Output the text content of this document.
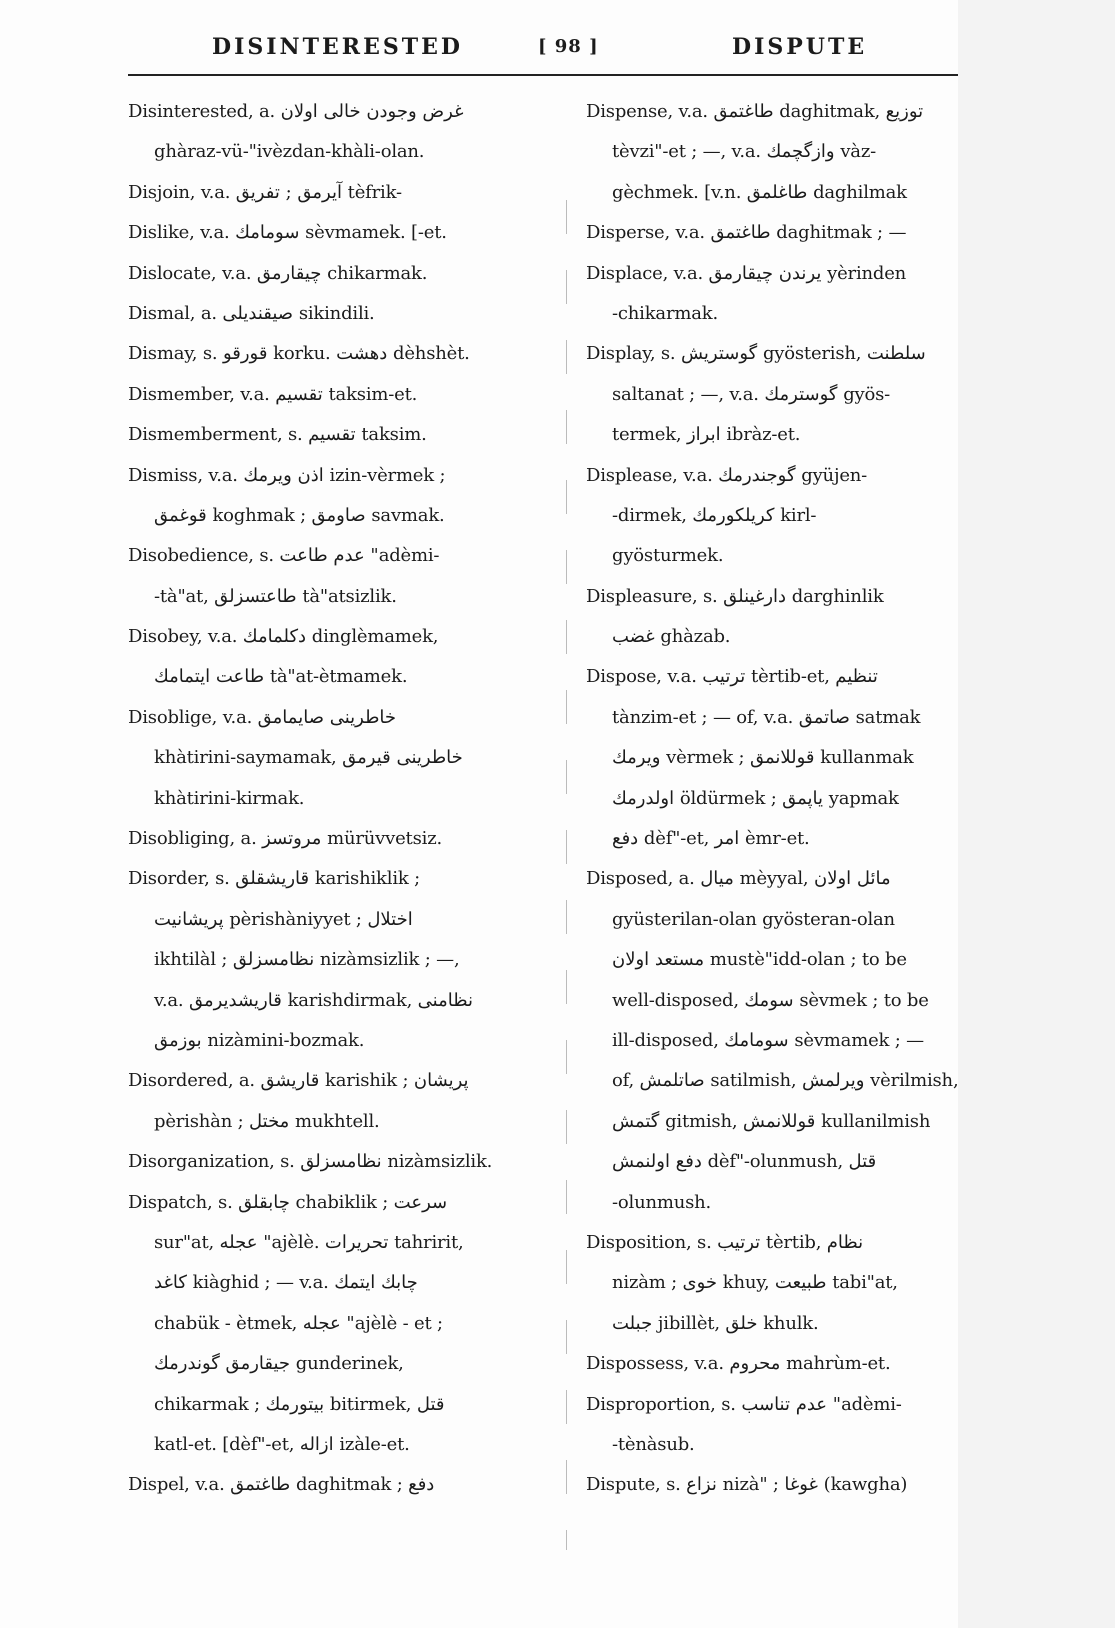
DISINTERESTED	[ 98 ]	DISPUTE
Disinterested, a. غرض وجودن خالی اولان
ghàraz-vü-"ivèzdan-khàli-olan.
Disjoin, v.a. آیرمق ; تفریق tèfrik-
Dislike, v.a. سومامك sèvmamek. [-et.
Dislocate, v.a. چیقارمق chikarmak.
Dismal, a. صیقندیلی sikindili.
Dismay, s. قورقو korku. دهشت dèhshèt.
Dismember, v.a. تقسیم taksim-et.
Dismemberment, s. تقسیم taksim.
Dismiss, v.a. اذن ویرمك izin-vèrmek ;
قوغمق koghmak ; صاومق savmak.
Disobedience, s. عدم طاعت "adèmi-
-tà"at, طاعتسزلق tà"atsizlik.
Disobey, v.a. دکلمامك dinglèmamek,
طاعت ایتمامك tà"at-ètmamek.
Disoblige, v.a. خاطرینی صایمامق
khàtirini-saymamak, خاطرینی قیرمق
khàtirini-kirmak.
Disobliging, a. مروتسز mürüvvetsiz.
Disorder, s. قاریشقلق karishiklik ;
پریشانیت pèrishàniyyet ; اختلال
ikhtilàl ; نظامسزلق nizàmsizlik ; —,
v.a. قاریشدیرمق karishdirmak, نظامنی
بوزمق nizàmini-bozmak.
Disordered, a. قاریشق karishik ; پریشان
pèrishàn ; مختل mukhtell.
Disorganization, s. نظامسزلق nizàmsizlik.
Dispatch, s. چابقلق chabiklik ; سرعت
sur"at, عجله "ajèlè. تحریرات tahririt,
کاغد kiàghid ; — v.a. چابك ایتمك
chabük - ètmek, عجله "ajèlè - et ;
جیقارمق گوندرمك gunderinek,
chikarmak ; بیتورمك bitirmek, قتل
katl-et. [dèf"-et, ازاله izàle-et.
Dispel, v.a. طاغتمق daghitmak ; دفع
Dispense, v.a. طاغتمق daghitmak, توزیع
tèvzi"-et ; —, v.a. وازگچمك vàz-
gèchmek. [v.n. طاغلمق daghilmak
Disperse, v.a. طاغتمق daghitmak ; —
Displace, v.a. یرندن چیقارمق yèrinden
-chikarmak.
Display, s. گوستریش gyösterish, سلطنت
saltanat ; —, v.a. گوسترمك gyös-
termek, ابراز ibràz-et.
Displease, v.a. گوجندرمك gyüjen-
-dirmek, کریلکورمك kirl-
gyösturmek.
Displeasure, s. دارغینلق darghinlik
غضب ghàzab.
Dispose, v.a. ترتیب tèrtib-et, تنظیم
tànzim-et ; — of, v.a. صاتمق satmak
ویرمك vèrmek ; قوللانمق kullanmak
اولدرمك öldürmek ; یاپمق yapmak
دفع dèf"-et, امر èmr-et.
Disposed, a. میال mèyyal, مائل اولان
gyüsterilan-olan gyösteran-olan
مستعد اولان mustè"idd-olan ; to be
well-disposed, سومك sèvmek ; to be
ill-disposed, سومامك sèvmamek ; —
of, صاتلمش satilmish, ویرلمش vèrilmish,
گتمش gitmish, قوللانمش kullanilmish
دفع اولنمش dèf"-olunmush, قتل
-olunmush.
Disposition, s. ترتیب tèrtib, نظام
nizàm ; خوی khuy, طبیعت tabi"at,
جبلت jibillèt, خلق khulk.
Dispossess, v.a. محروم mahrùm-et.
Disproportion, s. عدم تناسب "adèmi-
-tènàsub.
Dispute, s. نزاع nizà" ; غوغا (kawgha)
